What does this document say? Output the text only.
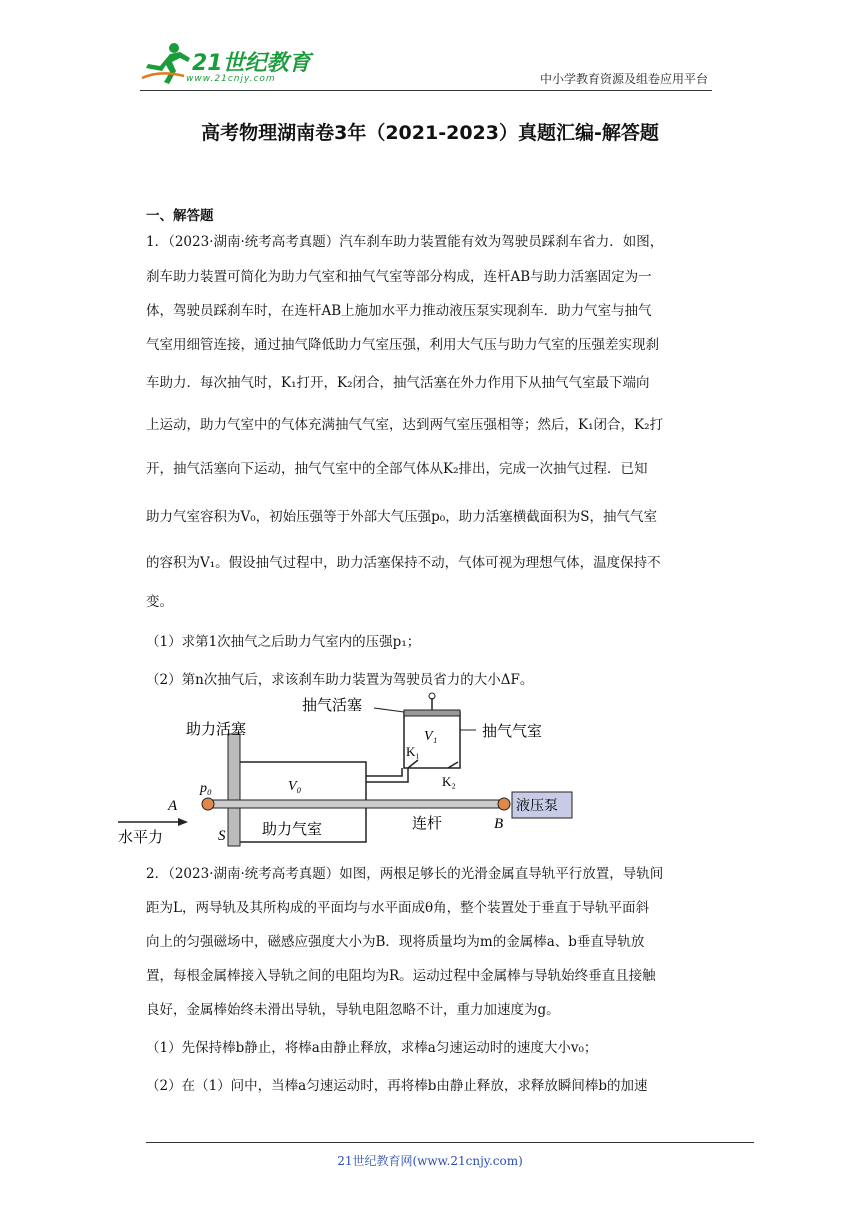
21世纪教育
www.21cnjy.com	中小学教育资源及组卷应用平台
高考物理湖南卷3年（2021-2023）真题汇编-解答题
一、解答题
1．（2023·湖南·统考高考真题）汽车刹车助力装置能有效为驾驶员踩刹车省力．如图，
刹车助力装置可简化为助力气室和抽气气室等部分构成，连杆AB与助力活塞固定为一
体，驾驶员踩刹车时，在连杆AB上施加水平力推动液压泵实现刹车．助力气室与抽气
气室用细管连接，通过抽气降低助力气室压强，利用大气压与助力气室的压强差实现刹
车助力．每次抽气时，K₁打开，K₂闭合，抽气活塞在外力作用下从抽气气室最下端向
上运动，助力气室中的气体充满抽气气室，达到两气室压强相等；然后，K₁闭合，K₂打
开，抽气活塞向下运动，抽气气室中的全部气体从K₂排出，完成一次抽气过程．已知
助力气室容积为V₀，初始压强等于外部大气压强p₀，助力活塞横截面积为S，抽气气室
的容积为V₁。假设抽气过程中，助力活塞保持不动，气体可视为理想气体，温度保持不
变。
（1）求第1次抽气之后助力气室内的压强p₁；
（2）第n次抽气后，求该刹车助力装置为驾驶员省力的大小ΔF。
抽气活塞
抽气气室
助力活塞
助力气室	连杆
液压泵
水平力
V₁
V₀
K₁
K₂
p₀
A
B
S
2．（2023·湖南·统考高考真题）如图，两根足够长的光滑金属直导轨平行放置，导轨间
距为L，两导轨及其所构成的平面均与水平面成θ角，整个装置处于垂直于导轨平面斜
向上的匀强磁场中，磁感应强度大小为B．现将质量均为m的金属棒a、b垂直导轨放
置，每根金属棒接入导轨之间的电阻均为R。运动过程中金属棒与导轨始终垂直且接触
良好，金属棒始终未滑出导轨，导轨电阻忽略不计，重力加速度为g。
（1）先保持棒b静止，将棒a由静止释放，求棒a匀速运动时的速度大小v₀；
（2）在（1）问中，当棒a匀速运动时，再将棒b由静止释放，求释放瞬间棒b的加速
21世纪教育网(www.21cnjy.com)
